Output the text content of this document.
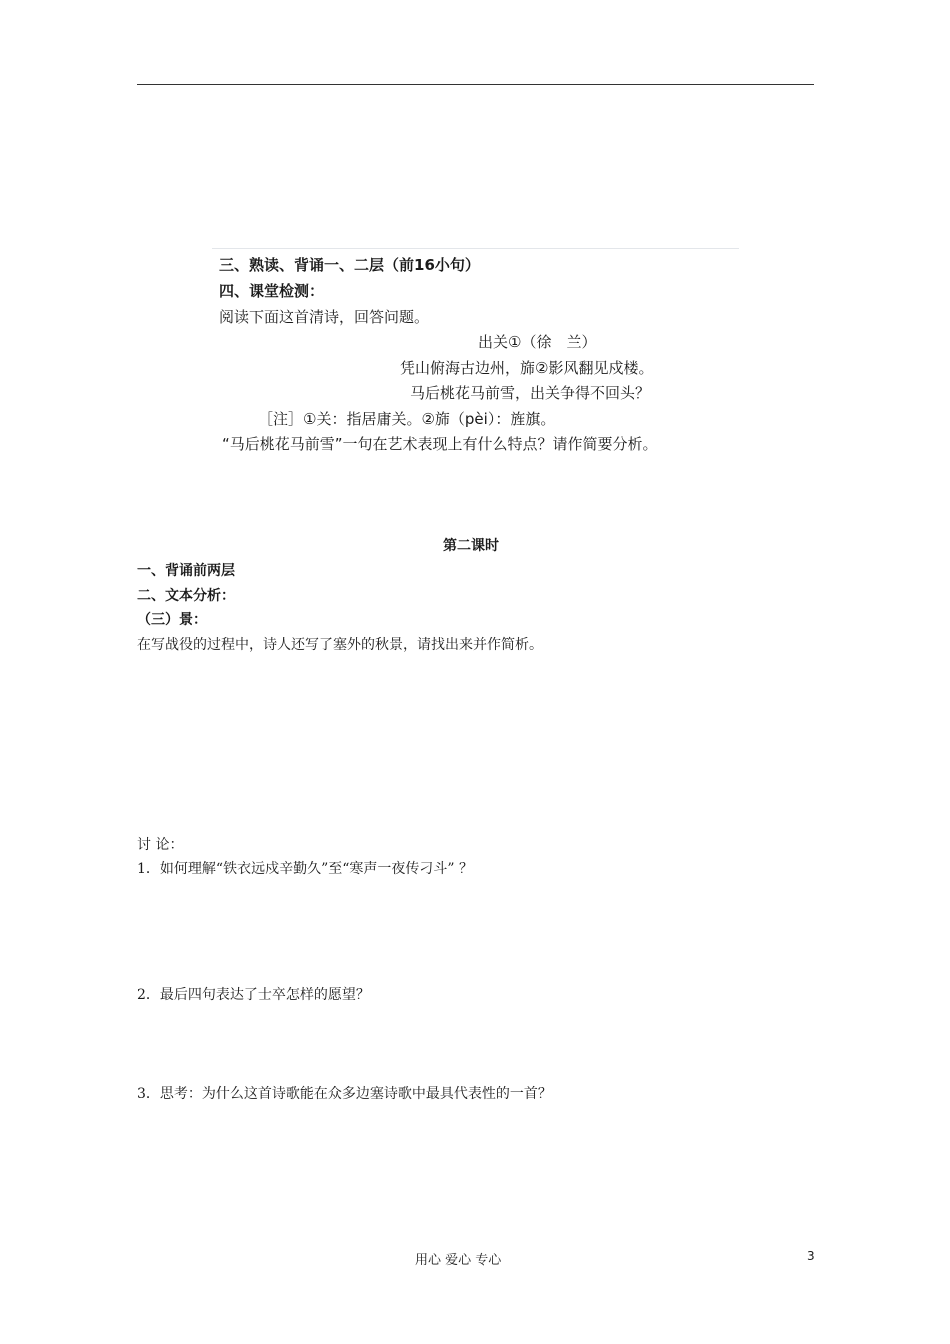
三、熟读、背诵一、二层（前16小句）
四、课堂检测：
阅读下面这首清诗，回答问题。
出关①（徐　兰）
凭山俯海古边州，旆②影风翻见戍楼。
马后桃花马前雪，出关争得不回头？
［注］①关：指居庸关。②旆（pèi）：旌旗。
“马后桃花马前雪”一句在艺术表现上有什么特点？请作简要分析。
第二课时
一、背诵前两层
二、文本分析：
（三）景：
在写战役的过程中，诗人还写了塞外的秋景，请找出来并作简析。
讨 论：
1．如何理解“铁衣远戍辛勤久”至“寒声一夜传刁斗” ？
2．最后四句表达了士卒怎样的愿望？
3．思考：为什么这首诗歌能在众多边塞诗歌中最具代表性的一首？
用心 爱心 专心	3
